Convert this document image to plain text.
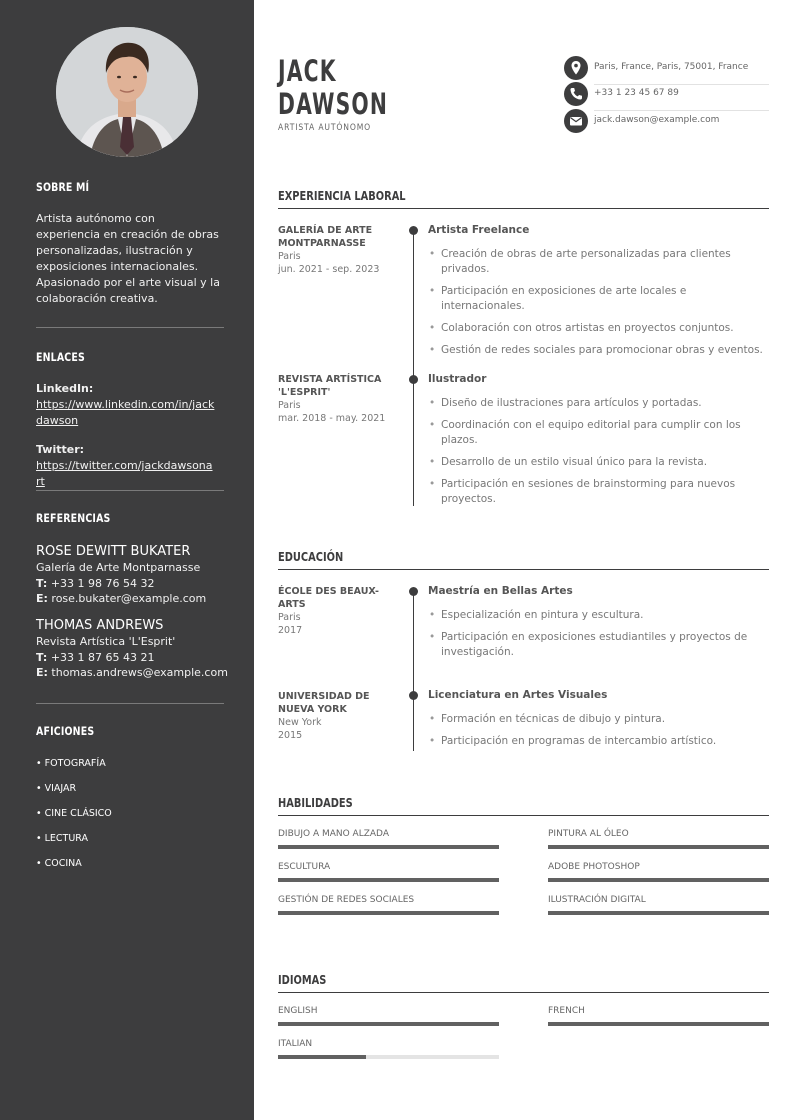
SOBRE MÍ
Artista autónomo con experiencia en creación de obras personalizadas, ilustración y exposiciones internacionales. Apasionado por el arte visual y la colaboración creativa.
ENLACES
LinkedIn:
https://www.linkedin.com/in/jackdawson
Twitter:
https://twitter.com/jackdawsonart
REFERENCIAS
ROSE DEWITT BUKATER
Galería de Arte Montparnasse
T: +33 1 98 76 54 32
E: rose.bukater@example.com
THOMAS ANDREWS
Revista Artística 'L'Esprit'
T: +33 1 87 65 43 21
E: thomas.andrews@example.com
AFICIONES
• FOTOGRAFÍA
• VIAJAR
• CINE CLÁSICO
• LECTURA
• COCINA
JACK
DAWSON
ARTISTA AUTÓNOMO
Paris, France, Paris, 75001, France
+33 1 23 45 67 89
jack.dawson@example.com
EXPERIENCIA LABORAL
GALERÍA DE ARTE MONTPARNASSE
Paris
jun. 2021 - sep. 2023
Artista Freelance
• Creación de obras de arte personalizadas para clientes privados.
• Participación en exposiciones de arte locales e internacionales.
• Colaboración con otros artistas en proyectos conjuntos.
• Gestión de redes sociales para promocionar obras y eventos.
REVISTA ARTÍSTICA 'L'ESPRIT'
Paris
mar. 2018 - may. 2021
Ilustrador
• Diseño de ilustraciones para artículos y portadas.
• Coordinación con el equipo editorial para cumplir con los plazos.
• Desarrollo de un estilo visual único para la revista.
• Participación en sesiones de brainstorming para nuevos proyectos.
EDUCACIÓN
ÉCOLE DES BEAUX-ARTS
Paris
2017
Maestría en Bellas Artes
• Especialización en pintura y escultura.
• Participación en exposiciones estudiantiles y proyectos de investigación.
UNIVERSIDAD DE NUEVA YORK
New York
2015
Licenciatura en Artes Visuales
• Formación en técnicas de dibujo y pintura.
• Participación en programas de intercambio artístico.
HABILIDADES
DIBUJO A MANO ALZADA	PINTURA AL ÓLEO
ESCULTURA	ADOBE PHOTOSHOP
GESTIÓN DE REDES SOCIALES	ILUSTRACIÓN DIGITAL
IDIOMAS
ENGLISH	FRENCH
ITALIAN
